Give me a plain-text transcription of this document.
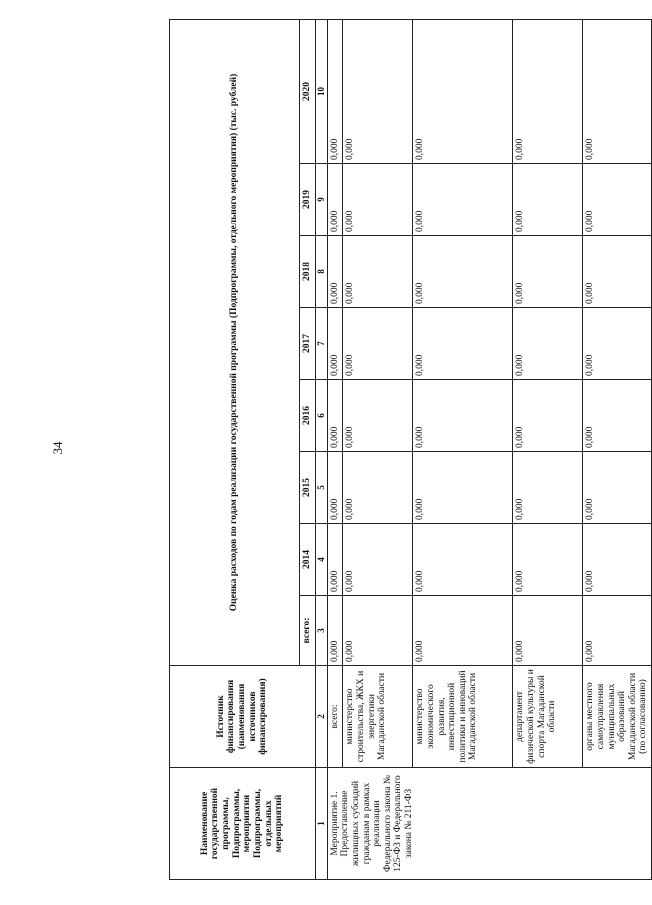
34
Наименование государственной программы, Подпрограммы, мероприятия Подпрограммы, отдельных мероприятий	Источник финансирования (наименования источников финансирования)	Оценка расходов по годам реализации государственной программы (Подпрограммы, отдельного мероприятия) (тыс. рублей)							
		всего:	2014	2015	2016	2017	2018	2019	2020
1	2	3	4	5	6	7	8	9	10

Мероприятие 1. Предоставление жилищных субсидий гражданам в рамках реализации Федерального закона № 125-ФЗ и Федерального закона № 211-ФЗ	всего:	0,000	0,000	0,000	0,000	0,000	0,000	0,000	0,000
	министерство строительства, ЖКХ и энергетики Магаданской области	0,000	0,000	0,000	0,000	0,000	0,000	0,000	0,000
	министерство экономического развития, инвестиционной политики и инноваций Магаданской области	0,000	0,000	0,000	0,000	0,000	0,000	0,000	0,000
	департамент физической культуры и спорта Магаданской области	0,000	0,000	0,000	0,000	0,000	0,000	0,000	0,000
	органы местного самоуправления муниципальных образований Магаданской области (по согласованию)	0,000	0,000	0,000	0,000	0,000	0,000	0,000	0,000
